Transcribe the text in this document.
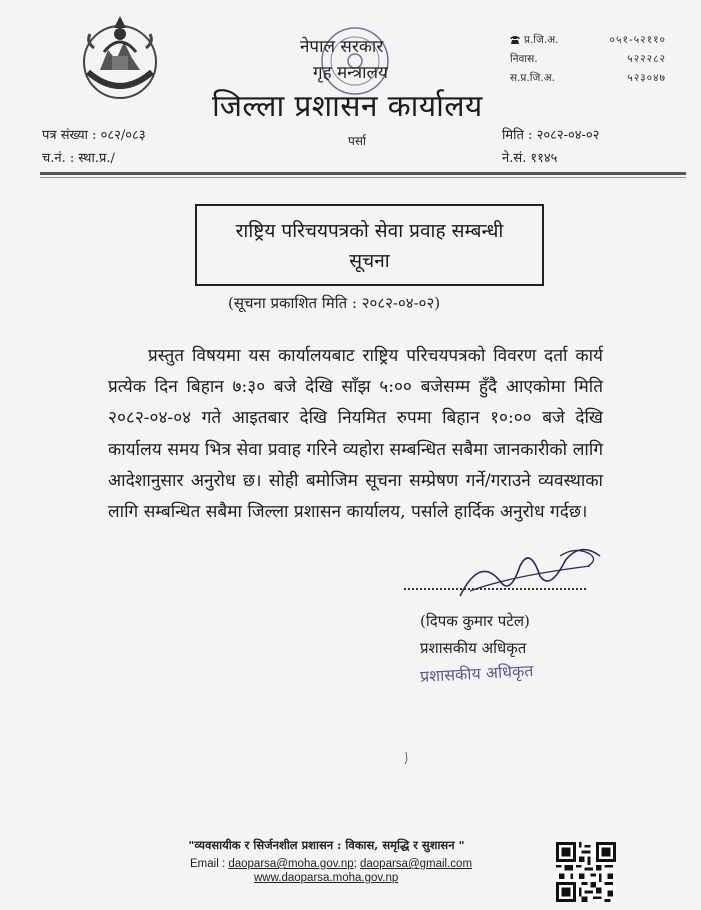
नेपाल सरकार
गृह मन्त्रालय
जिल्ला प्रशासन कार्यालय
प्र.जि.अ.	०५१-५२११०
निवास.	५२२२८२
स.प्र.जि.अ.	५२३०४७
पत्र संख्या : ०८२/०८३
च.नं. : स्था.प्र./
पर्सा	मिति : २०८२-०४-०२
ने.सं. ११४५
राष्ट्रिय परिचयपत्रको सेवा प्रवाह सम्बन्धी
सूचना
(सूचना प्रकाशित मिति : २०८२-०४-०२)
प्रस्तुत विषयमा यस कार्यालयबाट राष्ट्रिय परिचयपत्रको विवरण दर्ता कार्य प्रत्येक दिन बिहान ७:३० बजे देखि साँझ ५:०० बजेसम्म हुँदै आएकोमा मिति २०८२-०४-०४ गते आइतबार देखि नियमित रुपमा बिहान १०:०० बजे देखि कार्यालय समय भित्र सेवा प्रवाह गरिने व्यहोरा सम्बन्धित सबैमा जानकारीको लागि आदेशानुसार अनुरोध छ। सोही बमोजिम सूचना सम्प्रेषण गर्ने/गराउने व्यवस्थाका लागि सम्बन्धित सबैमा जिल्ला प्रशासन कार्यालय, पर्साले हार्दिक अनुरोध गर्दछ।
(दिपक कुमार पटेल)
प्रशासकीय अधिकृत
प्रशासकीय अधिकृत
"व्यवसायीक र सिर्जनशील प्रशासन : विकास, समृद्धि र सुशासन "
Email : daoparsa@moha.gov.np; daoparsa@gmail.com
www.daoparsa.moha.gov.np
